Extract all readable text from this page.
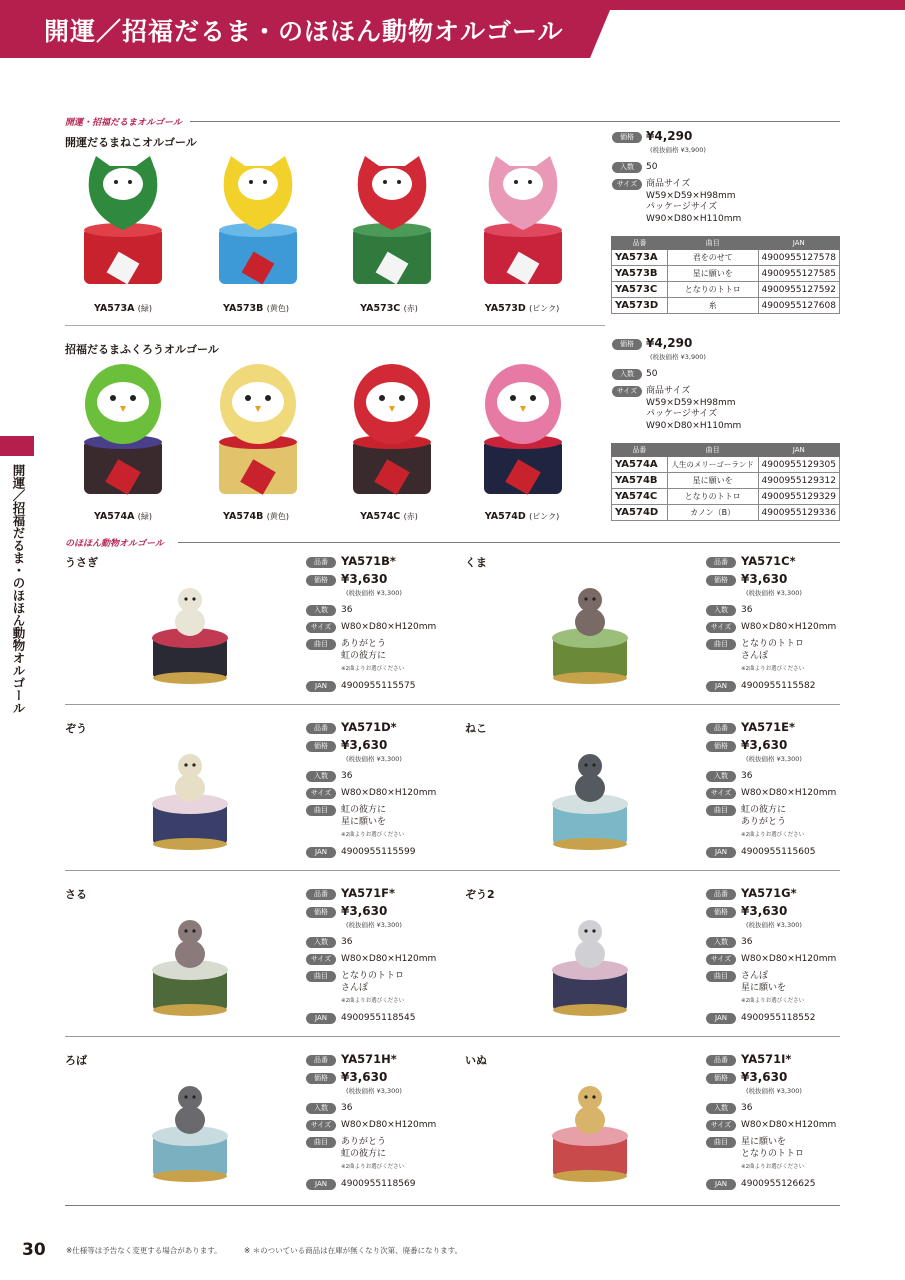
開運／招福だるま・のほほん動物オルゴール
開運／招福だるま・のほほん動物オルゴール
開運・招福だるまオルゴール
開運だるまねこオルゴール	価格	¥4,290
(税抜価格 ¥3,900)
入数	50
サイズ 商品サイズ
W59×D59×H98mm
パッケージサイズ
W90×D80×H110mm
品番	曲目	JAN
YA573A	君をのせて	4900955127578
YA573B	星に願いを	4900955127585
YA573C	となりのトトロ	4900955127592
YA573D	糸	4900955127608
YA573A (緑)	YA573B (黄色)	YA573C (赤)	YA573D (ピンク)
招福だるまふくろうオルゴール	価格	¥4,290
(税抜価格 ¥3,900)
入数	50
サイズ 商品サイズ
W59×D59×H98mm
パッケージサイズ
W90×D80×H110mm
品番	曲目	JAN
YA574A	人生のメリーゴーランド	4900955129305
YA574B	星に願いを	4900955129312
YA574C	となりのトトロ	4900955129329
YA574D	カノン（B）	4900955129336
YA574A (緑)	YA574B (黄色)	YA574C (赤)	YA574D (ピンク)
のほほん動物オルゴール
うさぎ	品番	YA571B*
価格	¥3,630
(税抜価格 ¥3,300)
入数	36
サイズ	W80×D80×H120mm
曲目	ありがとう
虹の彼方に
※2曲よりお選びください
JAN	4900955115575
くま	品番	YA571C*
価格	¥3,630
(税抜価格 ¥3,300)
入数	36
サイズ	W80×D80×H120mm
曲目	となりのトトロ
さんぽ
※2曲よりお選びください
JAN	4900955115582
ぞう	品番	YA571D*
価格	¥3,630
(税抜価格 ¥3,300)
入数	36
サイズ	W80×D80×H120mm
曲目	虹の彼方に
星に願いを
※2曲よりお選びください
JAN	4900955115599
ねこ	品番	YA571E*
価格	¥3,630
(税抜価格 ¥3,300)
入数	36
サイズ	W80×D80×H120mm
曲目	虹の彼方に
ありがとう
※2曲よりお選びください
JAN	4900955115605
さる	品番	YA571F*
価格	¥3,630
(税抜価格 ¥3,300)
入数	36
サイズ	W80×D80×H120mm
曲目	となりのトトロ
さんぽ
※2曲よりお選びください
JAN	4900955118545
ぞう2	品番	YA571G*
価格	¥3,630
(税抜価格 ¥3,300)
入数	36
サイズ	W80×D80×H120mm
曲目	さんぽ
星に願いを
※2曲よりお選びください
JAN	4900955118552
ろば	品番	YA571H*
価格	¥3,630
(税抜価格 ¥3,300)
入数	36
サイズ	W80×D80×H120mm
曲目	ありがとう
虹の彼方に
※2曲よりお選びください
JAN	4900955118569
いぬ	品番	YA571I*
価格	¥3,630
(税抜価格 ¥3,300)
入数	36
サイズ	W80×D80×H120mm
曲目	星に願いを
となりのトトロ
※2曲よりお選びください
JAN	4900955126625
30	※仕様等は予告なく変更する場合があります。	※ ＊のついている商品は在庫が無くなり次第、廃番になります。
